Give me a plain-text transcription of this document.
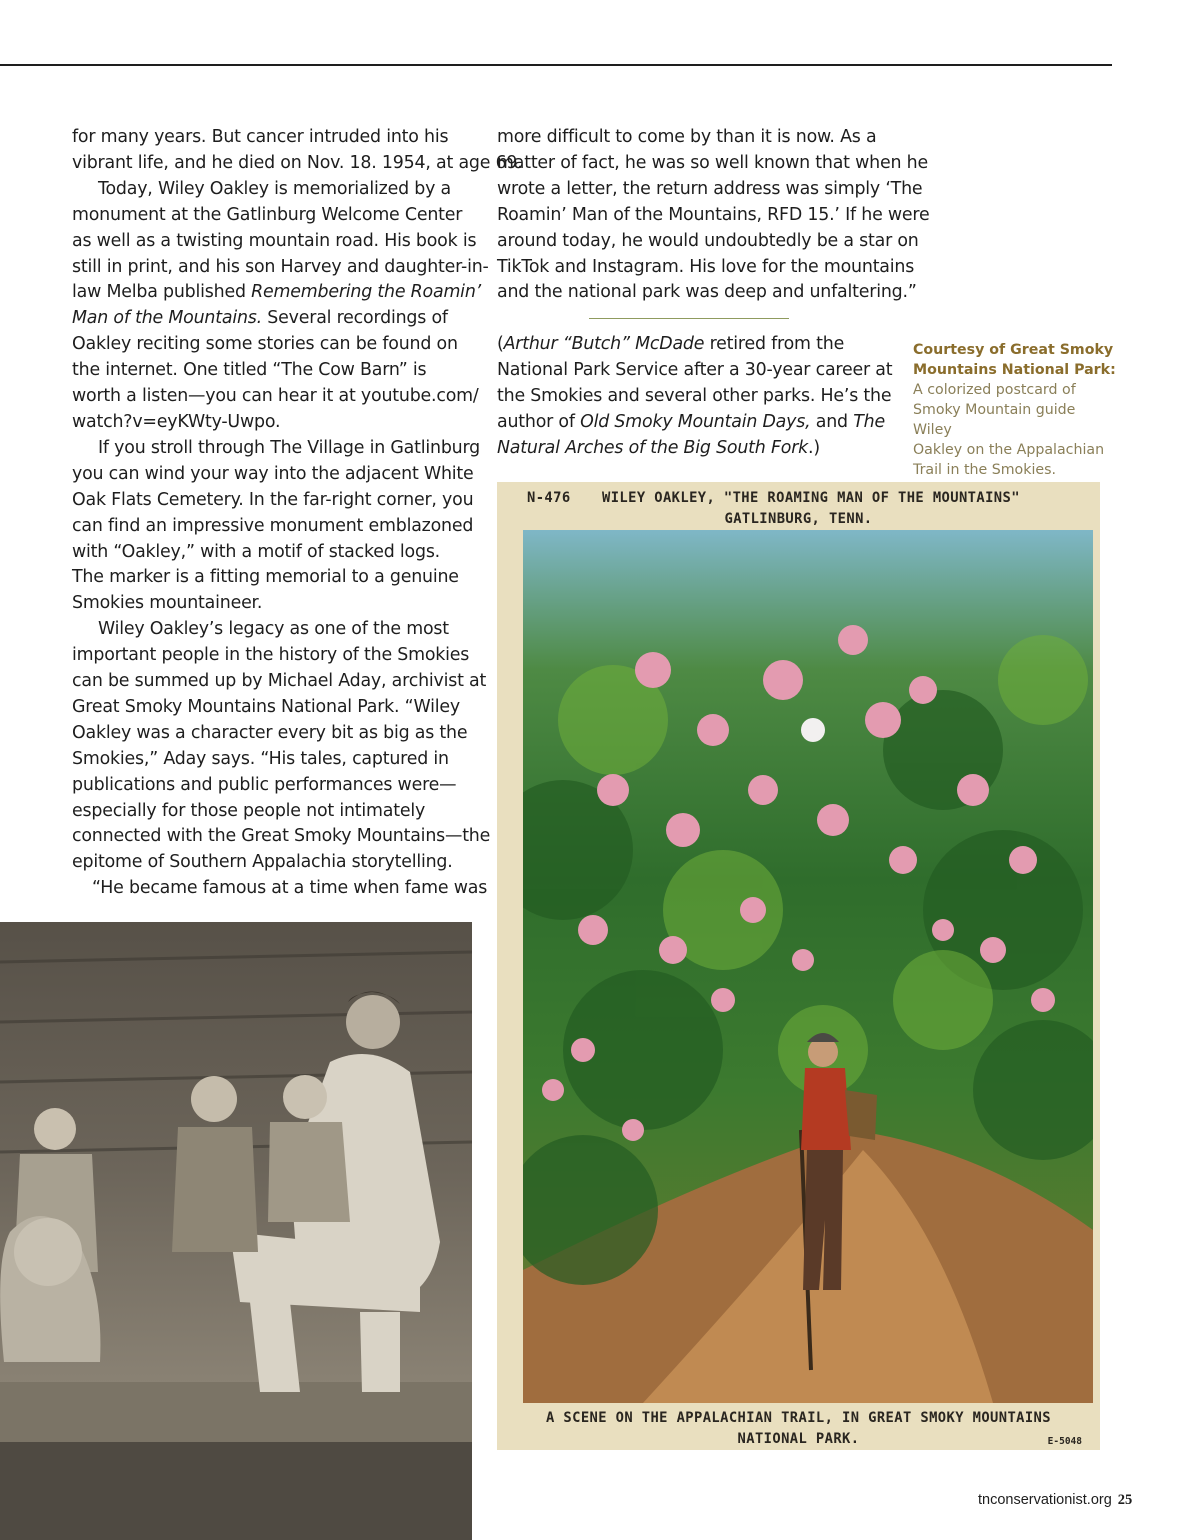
for many years. But cancer intruded into his
vibrant life, and he died on Nov. 18. 1954, at age 69.
Today, Wiley Oakley is memorialized by a
monument at the Gatlinburg Welcome Center
as well as a twisting mountain road. His book is
still in print, and his son Harvey and daughter-in-
law Melba published Remembering the Roamin’
Man of the Mountains. Several recordings of
Oakley reciting some stories can be found on
the internet. One titled “The Cow Barn” is
worth a listen—you can hear it at youtube.com/
watch?v=eyKWty-Uwpo.
If you stroll through The Village in Gatlinburg
you can wind your way into the adjacent White
Oak Flats Cemetery. In the far-right corner, you
can find an impressive monument emblazoned
with “Oakley,” with a motif of stacked logs.
The marker is a fitting memorial to a genuine
Smokies mountaineer.
Wiley Oakley’s legacy as one of the most
important people in the history of the Smokies
can be summed up by Michael Aday, archivist at
Great Smoky Mountains National Park. “Wiley
Oakley was a character every bit as big as the
Smokies,” Aday says. “His tales, captured in
publications and public performances were—
especially for those people not intimately
connected with the Great Smoky Mountains—the
epitome of Southern Appalachia storytelling.
“He became famous at a time when fame was
more difficult to come by than it is now. As a
matter of fact, he was so well known that when he
wrote a letter, the return address was simply ‘The
Roamin’ Man of the Mountains, RFD 15.’ If he were
around today, he would undoubtedly be a star on
TikTok and Instagram. His love for the mountains
and the national park was deep and unfaltering.”
(Arthur “Butch” McDade retired from the
National Park Service after a 30-year career at
the Smokies and several other parks. He’s the
author of Old Smoky Mountain Days, and The
Natural Arches of the Big South Fork.)
Courtesy of Great Smoky
Mountains National Park:
A colorized postcard of
Smoky Mountain guide Wiley
Oakley on the Appalachian
Trail in the Smokies.
N-476 WILEY OAKLEY, "THE ROAMING MAN OF THE MOUNTAINS"
GATLINBURG, TENN.
A SCENE ON THE APPALACHIAN TRAIL, IN GREAT SMOKY MOUNTAINS
NATIONAL PARK.	E-5048
tnconservationist.org 25
